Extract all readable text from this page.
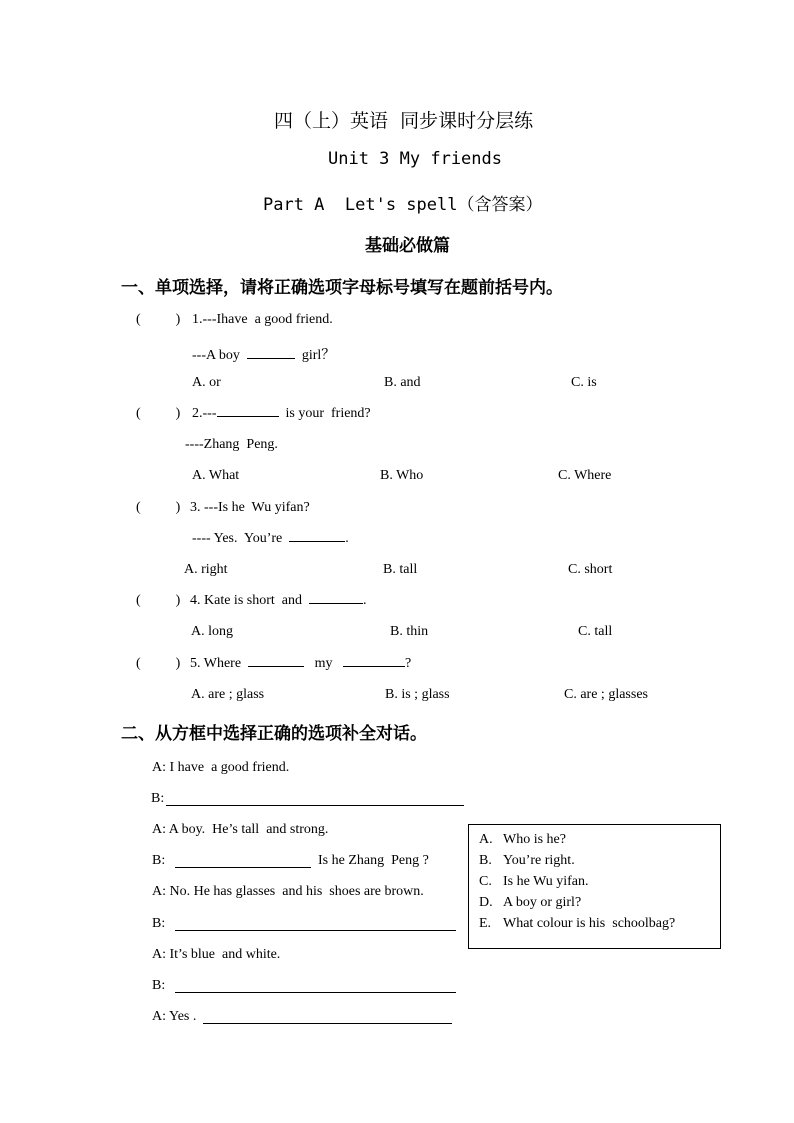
四（上）英语  同步课时分层练
Unit 3 My friends
Part A  Let's spell（含答案）
基础必做篇
一、单项选择，请将正确选项字母标号填写在题前括号内。
(          ) 1.---Ihave  a good friend.
---A boy	girl？
A. or	B. and	C. is
(          ) 2.---	is your  friend?
----Zhang  Peng.
A. What	B. Who	C. Where
(          ) 3. ---Is he  Wu yifan?
---- Yes.  You’re	.
A. right	B. tall	C. short
(          ) 4. Kate is short  and	.
A. long	B. thin	C. tall
(          ) 5. Where	my	?
A. are ; glass	B. is ; glass	C. are ; glasses
二、从方框中选择正确的选项补全对话。
A: I have  a good friend.
B:
A: A boy.  He’s tall  and strong.
B:	Is he Zhang  Peng ?
A: No. He has glasses  and his  shoes are brown.
B:
A: It’s blue  and white.
B:
A: Yes .
A. Who is he?
B. You’re right.
C. Is he Wu yifan.
D. A boy or girl?
E. What colour is his  schoolbag?
